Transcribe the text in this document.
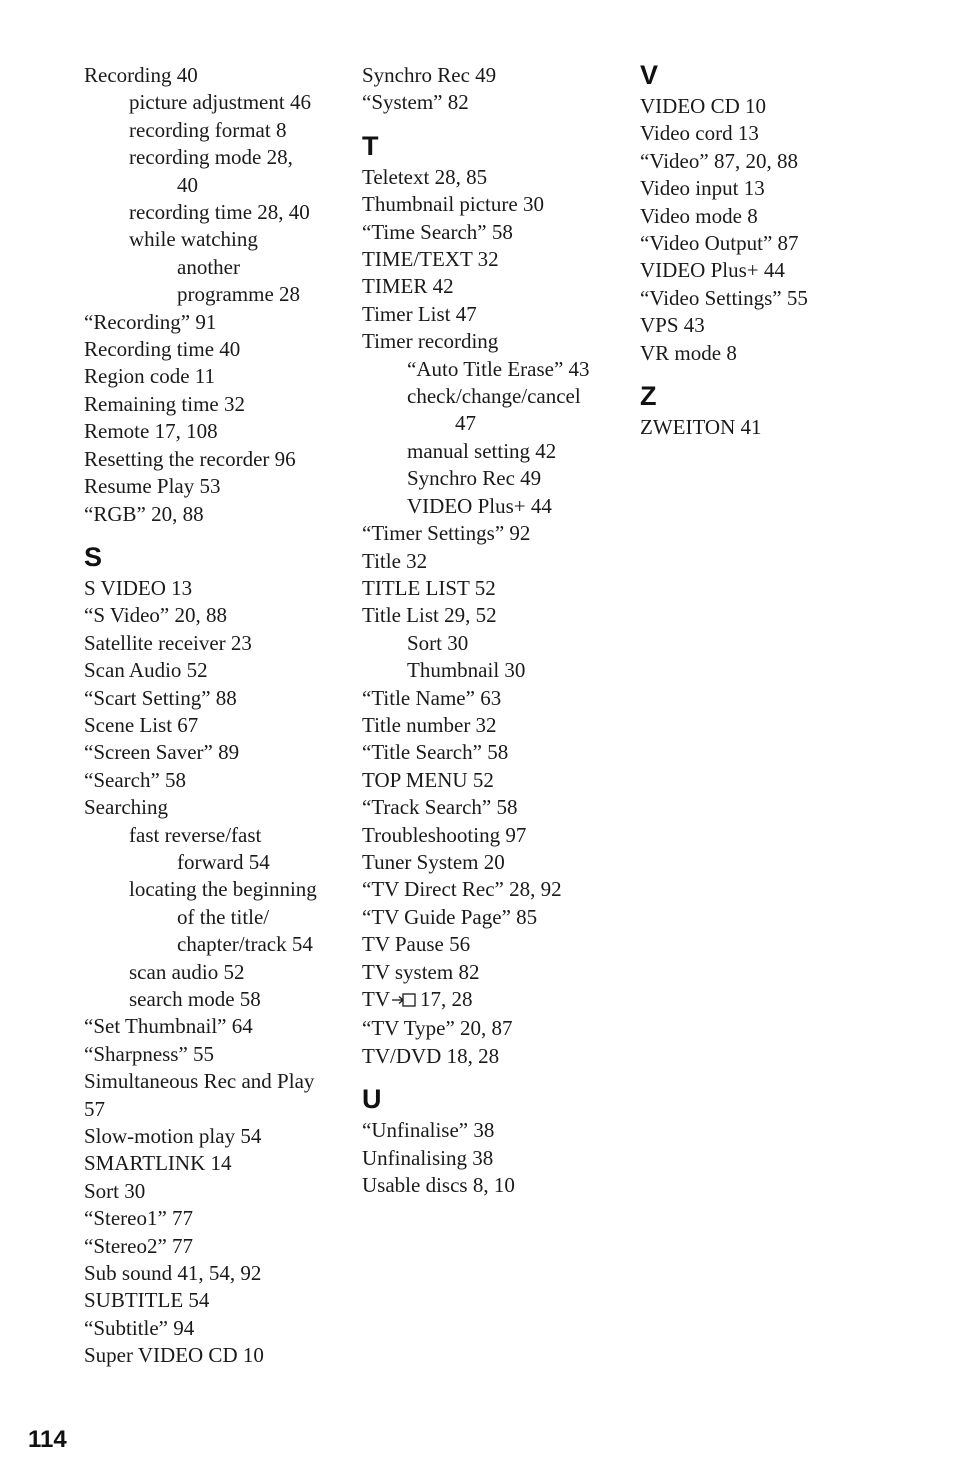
Recording 40
picture adjustment 46
recording format 8
recording mode 28,
40
recording time 28, 40
while watching
another
programme 28
“Recording” 91
Recording time 40
Region code 11
Remaining time 32
Remote 17, 108
Resetting the recorder 96
Resume Play 53
“RGB” 20, 88
S
S VIDEO 13
“S Video” 20, 88
Satellite receiver 23
Scan Audio 52
“Scart Setting” 88
Scene List 67
“Screen Saver” 89
“Search” 58
Searching
fast reverse/fast
forward 54
locating the beginning
of the title/
chapter/track 54
scan audio 52
search mode 58
“Set Thumbnail” 64
“Sharpness” 55
Simultaneous Rec and Play
57
Slow-motion play 54
SMARTLINK 14
Sort 30
“Stereo1” 77
“Stereo2” 77
Sub sound 41, 54, 92
SUBTITLE 54
“Subtitle” 94
Super VIDEO CD 10
Synchro Rec 49
“System” 82
T
Teletext 28, 85
Thumbnail picture 30
“Time Search” 58
TIME/TEXT 32
TIMER 42
Timer List 47
Timer recording
“Auto Title Erase” 43
check/change/cancel
47
manual setting 42
Synchro Rec 49
VIDEO Plus+ 44
“Timer Settings” 92
Title 32
TITLE LIST 52
Title List 29, 52
Sort 30
Thumbnail 30
“Title Name” 63
Title number 32
“Title Search” 58
TOP MENU 52
“Track Search” 58
Troubleshooting 97
Tuner System 20
“TV Direct Rec” 28, 92
“TV Guide Page” 85
TV Pause 56
TV system 82
TV 17, 28
“TV Type” 20, 87
TV/DVD 18, 28
U
“Unfinalise” 38
Unfinalising 38
Usable discs 8, 10
V
VIDEO CD 10
Video cord 13
“Video” 87, 20, 88
Video input 13
Video mode 8
“Video Output” 87
VIDEO Plus+ 44
“Video Settings” 55
VPS 43
VR mode 8
Z
ZWEITON 41
114
